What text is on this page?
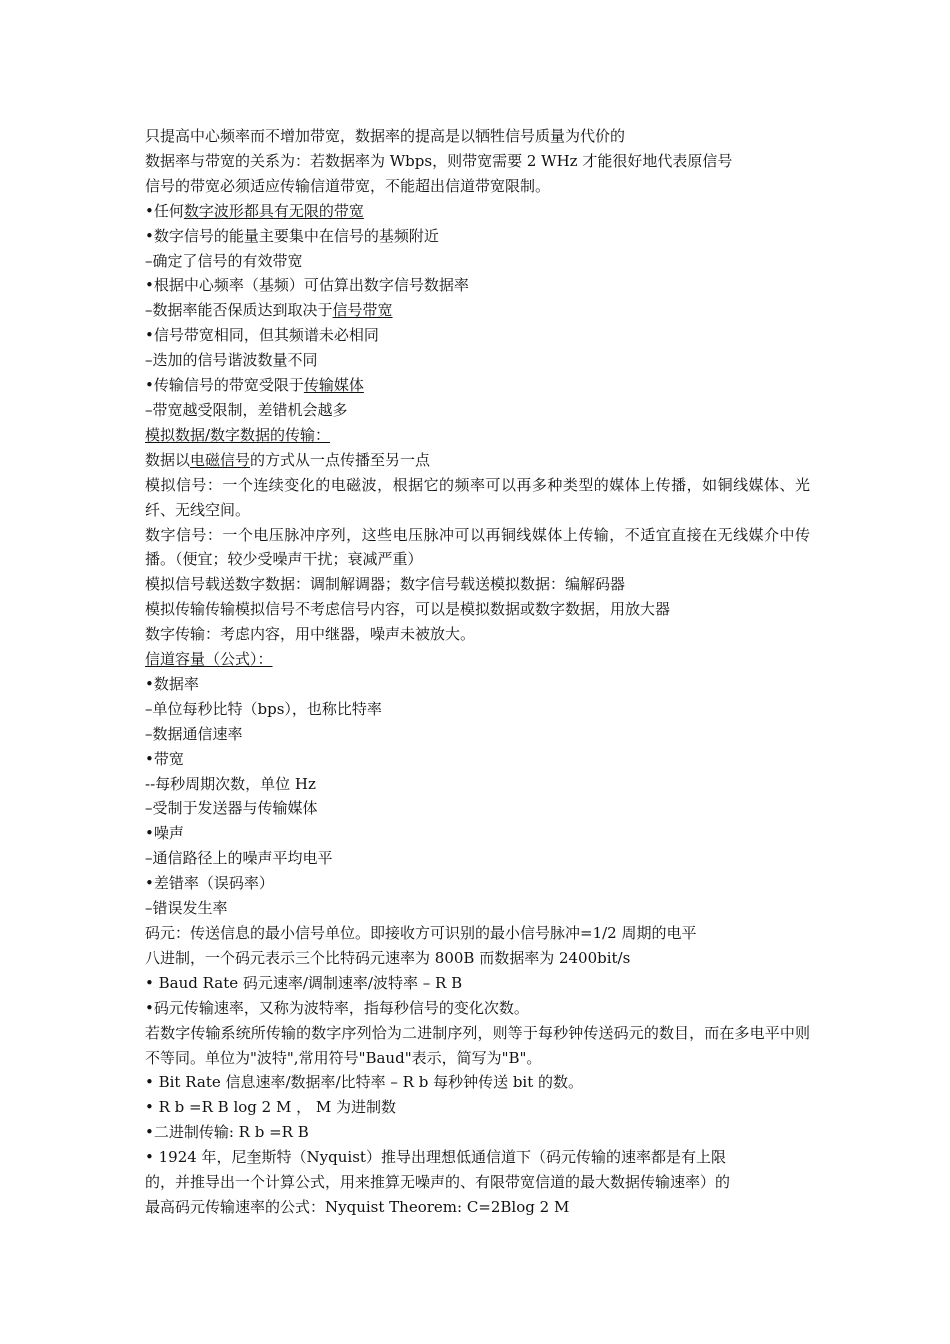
只提高中心频率而不增加带宽，数据率的提高是以牺牲信号质量为代价的
数据率与带宽的关系为：若数据率为 Wbps，则带宽需要 2 WHz 才能很好地代表原信号
信号的带宽必须适应传输信道带宽，不能超出信道带宽限制。
•任何数字波形都具有无限的带宽
•数字信号的能量主要集中在信号的基频附近
–确定了信号的有效带宽
•根据中心频率（基频）可估算出数字信号数据率
–数据率能否保质达到取决于信号带宽
•信号带宽相同，但其频谱未必相同
–迭加的信号谐波数量不同
•传输信号的带宽受限于传输媒体
–带宽越受限制，差错机会越多
模拟数据/数字数据的传输：
数据以电磁信号的方式从一点传播至另一点
模拟信号：一个连续变化的电磁波，根据它的频率可以再多种类型的媒体上传播，如铜线媒体、光纤、无线空间。
数字信号：一个电压脉冲序列，这些电压脉冲可以再铜线媒体上传输，不适宜直接在无线媒介中传播。（便宜；较少受噪声干扰；衰减严重）
模拟信号载送数字数据：调制解调器；数字信号载送模拟数据：编解码器
模拟传输传输模拟信号不考虑信号内容，可以是模拟数据或数字数据，用放大器
数字传输：考虑内容，用中继器，噪声未被放大。
信道容量（公式）：
•数据率
–单位每秒比特（bps），也称比特率
–数据通信速率
•带宽
--每秒周期次数，单位 Hz
–受制于发送器与传输媒体
•噪声
–通信路径上的噪声平均电平
•差错率（误码率）
–错误发生率
码元：传送信息的最小信号单位。即接收方可识别的最小信号脉冲=1/2 周期的电平
八进制，一个码元表示三个比特码元速率为 800B 而数据率为 2400bit/s
• Baud Rate 码元速率/调制速率/波特率 – R B
•码元传输速率，又称为波特率，指每秒信号的变化次数。
若数字传输系统所传输的数字序列恰为二进制序列，则等于每秒钟传送码元的数目，而在多电平中则不等同。单位为"波特",常用符号"Baud"表示，简写为"B"。
• Bit Rate 信息速率/数据率/比特率 – R b 每秒钟传送 bit 的数。
• R b =R B log 2 M ， M 为进制数
•二进制传输: R b =R B
• 1924 年，尼奎斯特（Nyquist）推导出理想低通信道下（码元传输的速率都是有上限
的，并推导出一个计算公式，用来推算无噪声的、有限带宽信道的最大数据传输速率）的
最高码元传输速率的公式：Nyquist Theorem: C=2Blog 2 M
